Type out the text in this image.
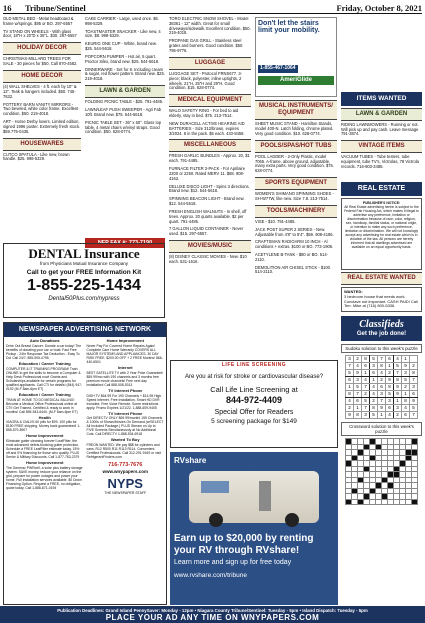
16 Tribune/Sentinel	Friday, October 8, 2021

OLD METAL BED - Metal headboard & frame w/springs. $95 or BO. 297-6557

TV STAND ON WHEELS - With glass door, 18"H x 20"D x 35"L. $30. 297-6557

HOLIDAY DECOR

CHRISTMAS-MILLARD TREES FOR SALE - 30 pieces for $50. Call 870-4582.

HOME DECOR

(4) WALL SHELVES - 4 ft. each by 10" & 12". Teak & hangers included. $50. 745-7632.

POTTERY BARN VANITY MIRRORS - Two beveled, white color frame. Excellent condition. $50. 219-4018.

ART - Horse Derby lovers. Limited edition, signed 1996 poster. Extremely fresh stock. $59.775-0435.

HOUSEWARES

CUTCO SPATULA - Like new, brown handle. $25. 998-5329.

CAKE CARRIER - Large, used once. $6. 998-5329.

TOASTMASTER SNACKER - Like new, 4 size. $8. 998-5329.

KEURIG ONE CUP - White, brand new. $25. 544-5618.

POPCORN PUMPER - Hot air, 5 quart. Proctor Silex, brand new. $25. 544-5618.

DINNERWARE - Set for 8. Including cream & sugar, red flower pattern. Brand new. $25. 219-4018.

LAWN & GARDEN

FOLDING PICNIC TABLE - $25. 791-4485.

LAWN/LEAF PUSH SWEEPER - Agri Fab 10ft. Brand new. $75. 544-5618.

PICNIC TABLE SET - 36" x 60". Glass top table, 4 metal chairs w/vinyl straps. Good condition. $50. 628-0774.

NFP FAX #: 773-7190

TORO ELECTRIC SNOW SHOVEL - Model 38361 - 12" width. Great for small driveways/sidewalk. Excellent condition. $50. 219-4018.

PROPANE GAS GRILL - Stainless steel grates and burners. Good condition. $50. 795-9776.

LUGGAGE

LUGGAGE SET - Protocol FRNS677. 3-piece; black, polyester, inline uprights, 2 wheels. 21"H, 25"H and 29"H. Good condition. $15. 628-0774.

MEDICAL EQUIPMENT

WALO SAFETY RING - For bed to aid elderly, stay in bed. $75. 213-7514.

NEW DURACELL ACTIVE HEARING AID BATTERIES - Size 312/brown, expires 3/2024. 8 in the pack. $5 each. 433-8458.

MISCELLANEOUS

FRESH GARLIC BUNDLES - Approx. 20, $1 each. 791-4485.

FURNACE FILTER 2-PACK - For Aprilaire 2200 or 2250. Rated MERV 11. $68. 908-4162.

DELUXE DISCO LIGHT - Spins 3 directions. Brand new. $12. 544-5618.

SPINNING BEACON LIGHT - Brand new. $12. 544-5618.

FRESH ENGLISH WALNUTS - In shell, off trees. Approx. 20 quarts available. $2 per quart. 791-4485.

7 GALLON LIQUID CONTAINER - Never used. $15. 297-6557.

MOVIES/MUSIC

(8) DISNEY CLASSIC MOVIES - New. $10 each. 531-1616.

Don't let the stairs limit your mobility.
1-855-467-1064
AmeriGlide
MUSICAL INSTRUMENTS/ EQUIPMENT

SHEET MUSIC STAND - Hamilton Stands, model 400-N. Latch folding, chrome plated. Very good condition. $10. 628-0774.

POOLS/SPAS/HOT TUBS

POOL LADDER - 2-Only Plastic, model 7065. A-frame, above ground, adjustable, many extra parts. Very good condition. $75. 628-0774.

SPORTS EQUIPMENT

WOMEN'S SHIMANO SPINNING SHOES - SH-W77W, like new. Size 7.8. 213-7514.

TOOLS/MACHINERY

VISE - $10. 791-4485.

JACK POST SUPER 2 SERIES - New. Adjustable from 4'8" to 8'4". $59. 908-4186.

CRAFTSMAN RADIOARM 10 INCH - Al conditions + extras. $100 or BO. 773-1906.

ACETYLENE B-TANK - $80 or BO. 514-2110.

DEMOLITION AIR CHISEL STICK - $100. 514-2110.

ITEMS WANTED
LAWN & GARDEN

RIDING LAWNMOWERS - Running or not. Will pick up and pay cash. Leave message 791-3874.

VINTAGE ITEMS

VACUUM TUBES - Tube testers, tube equipment, tube TV's, Victrolas, 78 Victrola records. 716-903-3488.

REAL ESTATE
PUBLISHER'S NOTICE:
All Real Estate advertising herein is subject to the Federal Fair Housing Act, which makes it illegal to advertise any preference, limitation or discrimination because of race, color, religion, sex, handicap, familial status, or national origin, or intention to make any such preference, limitation or discrimination. We will not knowingly accept any advertising for real estate which is in violation of the law. All persons are hereby informed that all dwellings advertised are available on an equal opportunity basis.
REAL ESTATE WANTED
WANTED:
3 bedroom house that needs work. Conclave not important. CASH PAID! Call Terr. Mike at (716) 800-5336.
Classifieds
Get the job done!
Sudoku solution to this week's puzzle
3	2	8	5	7	6	4	1	
7	4	6	3	8	1	5	9	2
5	9	1	6	4	2	7	3	8
6	3	4	1	2	9	8	5	7
1	5	7	4	6	8	9	2	3
8	7	2	4	3	5	9	1	6
4	6	5	2	7	3	1	8	9
2	1	7	8	9	6	3	4	5
9	8	3	5	1	4	2	6	7
Crossword solution to this week's puzzle

DENTAL Insurance
from Physicians Mutual Insurance Company
Call to get your FREE Information Kit
1-855-225-1434
Dental50Plus.com/nypress
NEWSPAPER ADVERTISING NETWORK
Auto Donations

Drive Out Breast Cancer: Donate a car today! The benefits of donating your car or boat: Fast Free Pickup - 24hr Response Tax Deduction - Easy To Do! Call 24/7: 855-905-4755

Education / Career Training

COMPUTER & IT TRAINING PROGRAM! Train ONLINE to get the skills to become a Computer & Help Desk Professional now! Grants and Scholarships available for certain programs for qualified applicants. Call CTI for details! (844) 947-0192 (M-F 8am-6pm ET)

Education / Career Training

TRAIN AT HOME TO DO MEDICAL BILLING! Become a Medical Office Professional online at CTI! Get Trained, Certified & ready to work in months! Call 855-543-6440. (M-F 8am-6pm ET)

Health

VIAGRA & CIALIS! 60 pills for $99. 100 pills for $150 FREE shipping. Money back guaranteed! 1-855-579-8907

Home Improvement

Eliminate gutter cleaning forever! LeafFilter, the most advanced debris-blocking gutter protection. Schedule a FREE LeafFilter estimate today. 15% off and 0% financing for those who qualify. PLUS Senior & Military Discounts. Call 1-877-763-2379

Home Improvement

The Generac PWRcell, a solar plus battery storage system. SAVE money, reduce your reliance on the grid, prepare for power outages and power your home. Full installation services available. $0 Down Financing Option. Request a FREE, no obligation, quote today. Call 1-888-871-0194

Home Improvement

Never Pay For Covered Home Repairs Again! Complete Care Home Warranty COVERS ALL MAJOR SYSTEMS AND APPLIANCES. 30 DAY RISK FREE. $200.00 OFF + 2 FREE Months! 866-440-6501

Internet

BEST SATELLITE TV with 2 Year Price Guarantee! $59.99/mo with 190 channels and 3 months free premium movie channels! Free next day installation! Call 888-508-5313

TV Internet Phone

DISH TV $64.99 For 190 Channels + $14.95 High Speed Internet. Free Installation, Smart HD DVR Included, Free Voice Remote. Some restrictions apply. Promo Expires 1/21/22. 1-888-609-9405

TV Internet Phone

Get DIRECTV ONLY $69.99/month! 155 Channels & 1000s of Shows/Movies On Demand (w/SELECT All Included Package.) PLUS Stream on Up to FIVE Screens Simultaneously at No Additional Cost. Call DIRECTV 1-888-534-6918

Wanted To Buy

FREON WANTED: We pay $$$ for cylinders and cans. R12 R500 R11 R113 R114. Convenient. Certified Professionals. Call 312-291-9169 or visit RefrigerantFinders.com

716-773-7676
www.wnypapers.com
NYPS
THE NEWSPAPER STAFF
LIFE LINE SCREENING
Are you at risk for stroke or cardiovascular disease?
Call Life Line Screening at
844-972-4409
Special Offer for Readers
5 screening package for $149
RVshare
Earn up to $20,000 by renting your RV through RVshare!
Learn more and sign up for free today
www.rvshare.com/tribune
Publication Deadlines: Grand Island PennySaver: Monday - 12pm • Niagara County Tribune/Sentinel: Tuesday - 5pm • Island Dispatch: Tuesday - 5pm
PLACE YOUR AD ANY TIME ON WNYPAPERS.COM
